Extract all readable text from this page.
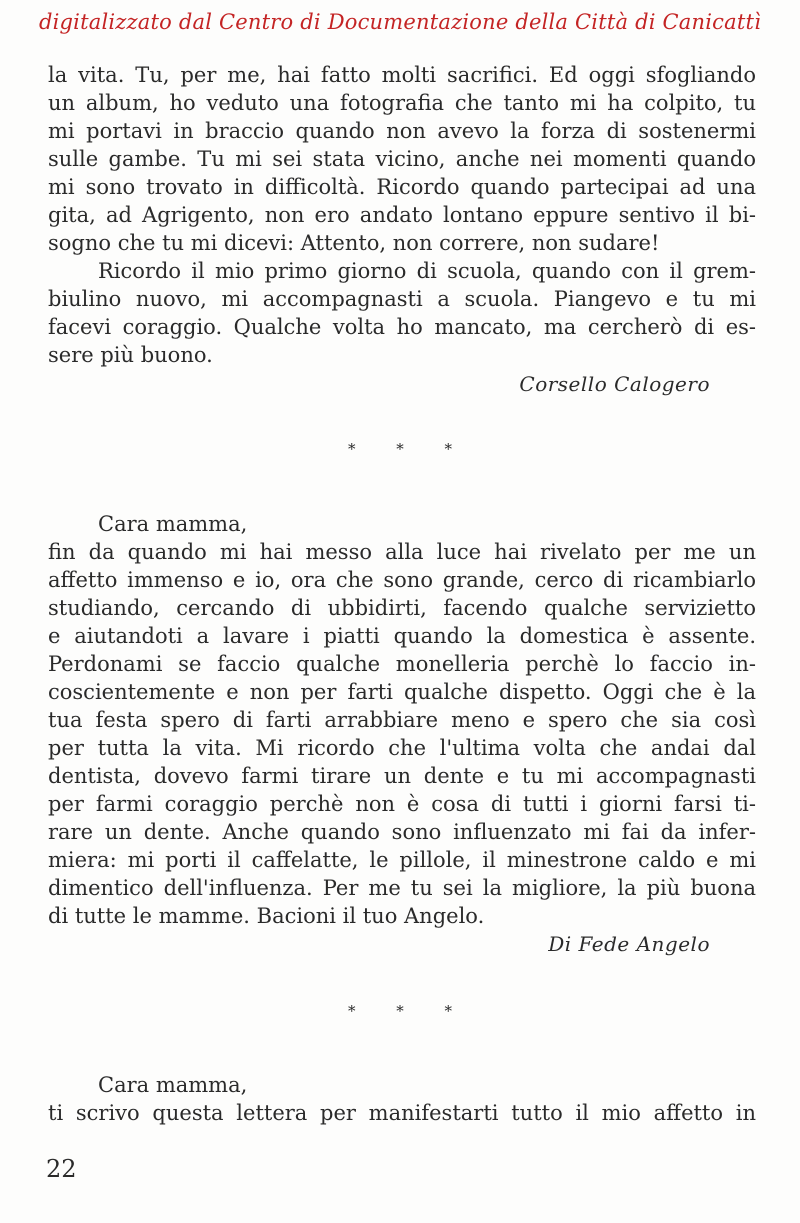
digitalizzato dal Centro di Documentazione della Città di Canicattì
la vita. Tu, per me, hai fatto molti sacrifici. Ed oggi sfogliando
un album, ho veduto una fotografia che tanto mi ha colpito, tu
mi portavi in braccio quando non avevo la forza di sostenermi
sulle gambe. Tu mi sei stata vicino, anche nei momenti quando
mi sono trovato in difficoltà. Ricordo quando partecipai ad una
gita, ad Agrigento, non ero andato lontano eppure sentivo il bi-
sogno che tu mi dicevi: Attento, non correre, non sudare!
Ricordo il mio primo giorno di scuola, quando con il grem-
biulino nuovo, mi accompagnasti a scuola. Piangevo e tu mi
facevi coraggio. Qualche volta ho mancato, ma cercherò di es-
sere più buono.
Corsello Calogero
* * *
Cara mamma,
fin da quando mi hai messo alla luce hai rivelato per me un
affetto immenso e io, ora che sono grande, cerco di ricambiarlo
studiando, cercando di ubbidirti, facendo qualche servizietto
e aiutandoti a lavare i piatti quando la domestica è assente.
Perdonami se faccio qualche monelleria perchè lo faccio in-
coscientemente e non per farti qualche dispetto. Oggi che è la
tua festa spero di farti arrabbiare meno e spero che sia così
per tutta la vita. Mi ricordo che l'ultima volta che andai dal
dentista, dovevo farmi tirare un dente e tu mi accompagnasti
per farmi coraggio perchè non è cosa di tutti i giorni farsi ti-
rare un dente. Anche quando sono influenzato mi fai da infer-
miera: mi porti il caffelatte, le pillole, il minestrone caldo e mi
dimentico dell'influenza. Per me tu sei la migliore, la più buona
di tutte le mamme. Bacioni il tuo Angelo.
Di Fede Angelo
* * *
Cara mamma,
ti scrivo questa lettera per manifestarti tutto il mio affetto in
22
